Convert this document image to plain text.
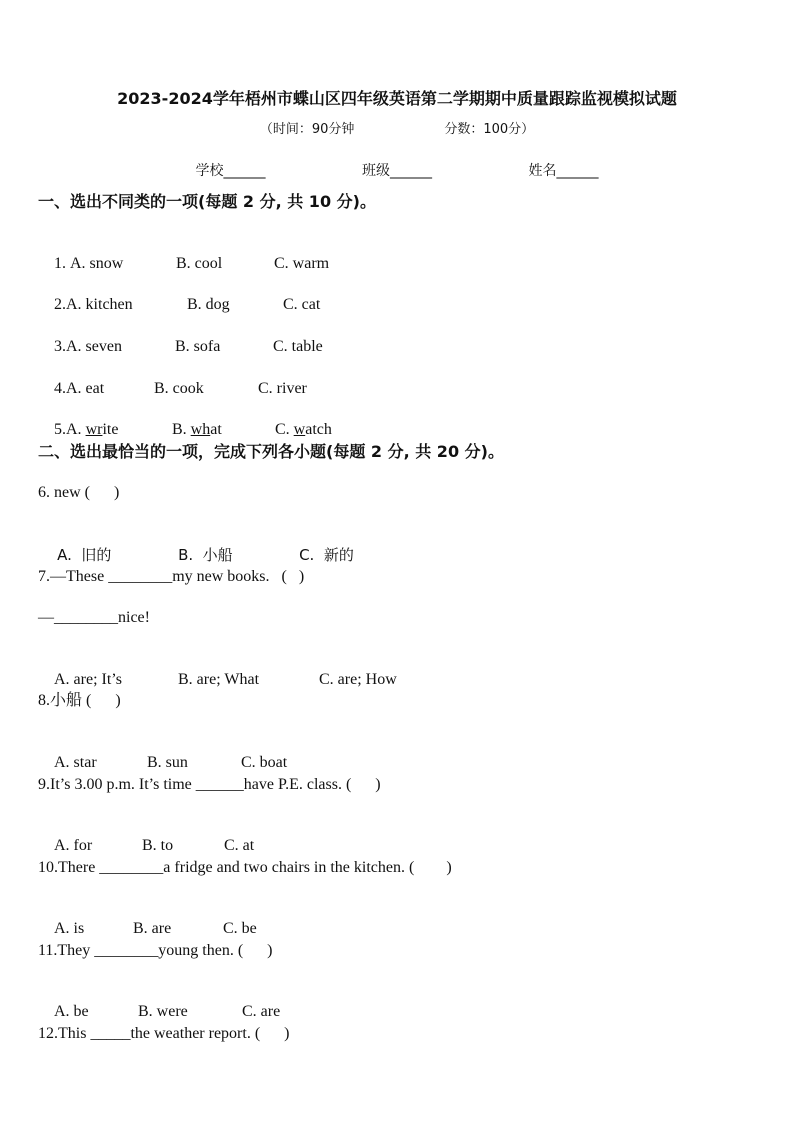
2023-2024学年梧州市蝶山区四年级英语第二学期期中质量跟踪监视模拟试题
（时间：90分钟	分数：100分）
学校______	班级______	姓名______
一、选出不同类的一项(每题 2 分, 共 10 分)。

1. A. snow	B. cool	C. warm

2.A. kitchen	B. dog	C. cat

3.A. seven	B. sofa	C. table

4.A. eat	B. cook	C. river

5.A. write	B. what	C. watch

二、选出最恰当的一项，完成下列各小题(每题 2 分, 共 20 分)。
6. new (      )

A.  旧的	B.  小船	C.  新的

7.—These ________my new books.   (   )
—________nice!

A. are; It’s	B. are; What	C. are; How

8.小船 (      )

A. star	B. sun	C. boat

9.It’s 3.00 p.m. It’s time ______have P.E. class. (      )

A. for	B. to	C. at

10.There ________a fridge and two chairs in the kitchen. (        )

A. is	B. are	C. be

11.They ________young then. (      )

A. be	B. were	C. are

12.This _____the weather report. (      )
